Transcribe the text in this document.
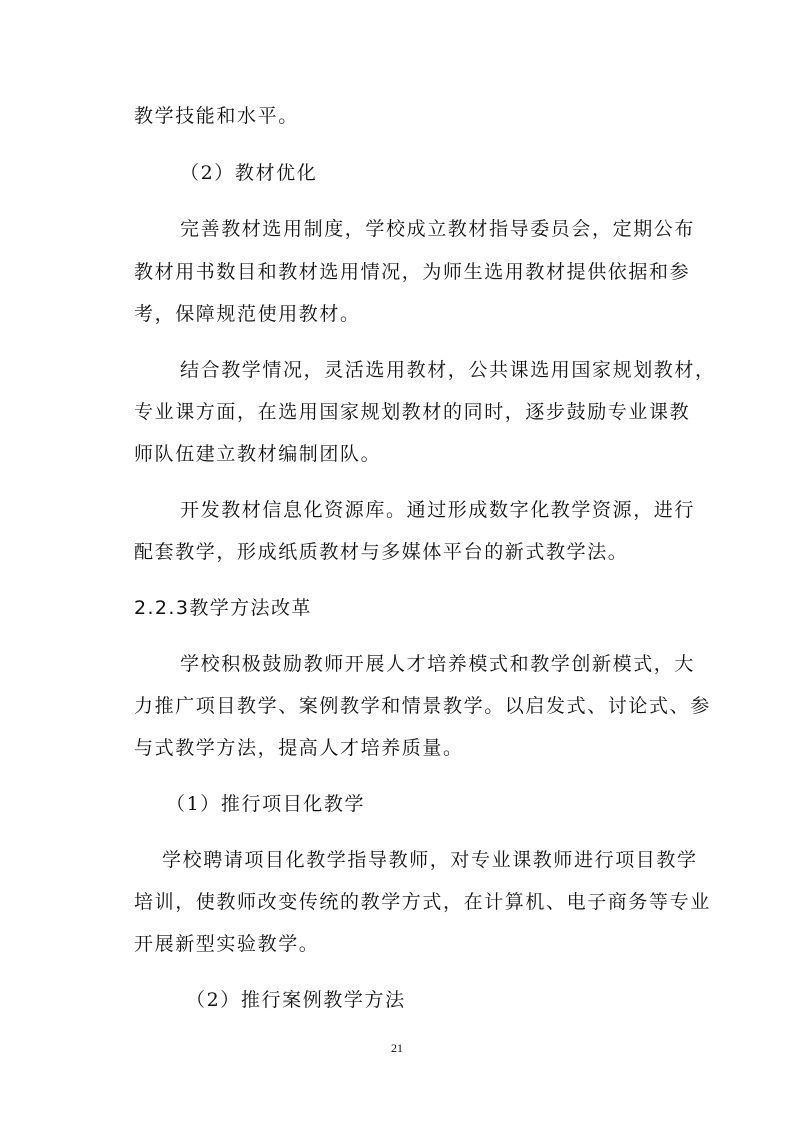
教学技能和水平。
（2）教材优化
完善教材选用制度，学校成立教材指导委员会，定期公布
教材用书数目和教材选用情况，为师生选用教材提供依据和参
考，保障规范使用教材。
结合教学情况，灵活选用教材，公共课选用国家规划教材，
专业课方面，在选用国家规划教材的同时，逐步鼓励专业课教
师队伍建立教材编制团队。
开发教材信息化资源库。通过形成数字化教学资源，进行
配套教学，形成纸质教材与多媒体平台的新式教学法。
2.2.3教学方法改革
学校积极鼓励教师开展人才培养模式和教学创新模式，大
力推广项目教学、案例教学和情景教学。以启发式、讨论式、参
与式教学方法，提高人才培养质量。
（1）推行项目化教学
学校聘请项目化教学指导教师，对专业课教师进行项目教学
培训，使教师改变传统的教学方式，在计算机、电子商务等专业
开展新型实验教学。
（2）推行案例教学方法
21
